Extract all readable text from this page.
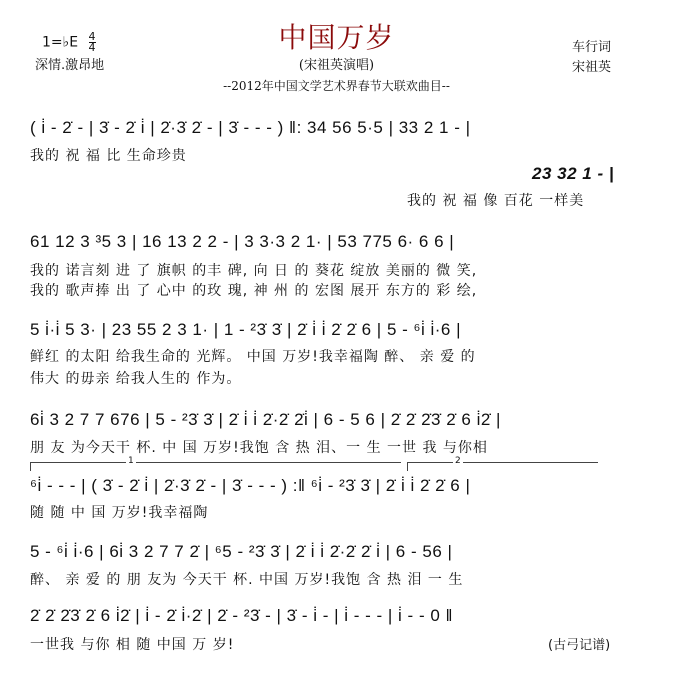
中国万岁
(宋祖英演唱)
--2012年中国文学艺术界春节大联欢曲目--
1=♭E $\frac{4}{4}$
深情.激昂地
车行词
宋祖英
( i̇ - 2̇ - | 3̇ - 2̇ i̇ | 2̇·3̇ 2̇ - | 3̇ - - - ) ‖: 34 56 5·5 | 33 2 1 - |
我的 祝 福 比 生命珍贵
23 32 1 - |
我的 祝 福 像 百花 一样美
61 12 3 ³5 3 | 16 13 2 2 - | 3 3·3 2 1· | 53 775 6· 6 6 |
我的 诺言刻 进 了 旗帜 的丰 碑, 向 日 的 葵花 绽放 美丽的 微 笑,
我的 歌声捧 出 了 心中 的玫 瑰, 神 州 的 宏图 展开 东方的 彩 绘,
5 i̇·i̇ 5 3· | 23 55 2 3 1· | 1 - ²3̇ 3̇ | 2̇ i̇ i̇ 2̇ 2̇ 6 | 5 - ⁶i̇ i̇·6 |
鲜红 的太阳 给我生命的 光辉。 中国 万岁!我幸福陶 醉、 亲 爱 的
伟大 的毋亲 给我人生的 作为。
6i̇ 3 2 7 7 676 | 5 - ²3̇ 3̇ | 2̇ i̇ i̇ 2̇·2̇ 2̇i̇ | 6 - 5 6 | 2̇ 2̇ 2̇3̇ 2̇ 6 i̇2̇ |
朋 友 为今天干 杯. 中 国 万岁!我饱 含 热 泪、一 生 一世 我 与你相
1	2
⁶i̇ - - - | ( 3̇ - 2̇ i̇ | 2̇·3̇ 2̇ - | 3̇ - - - ) :‖ ⁶i̇ - ²3̇ 3̇ | 2̇ i̇ i̇ 2̇ 2̇ 6 |
随 随 中 国 万岁!我幸福陶
5 - ⁶i̇ i̇·6 | 6i̇ 3 2 7 7 2̇ | ⁶5 - ²3̇ 3̇ | 2̇ i̇ i̇ 2̇·2̇ 2̇ i̇ | 6 - 56 |
醉、 亲 爱 的 朋 友为 今天干 杯. 中国 万岁!我饱 含 热 泪 一 生
2̇ 2̇ 2̇3̇ 2̇ 6 i̇2̇ | i̇ - 2̇ i̇·2̇ | 2̇ - ²3̇ - | 3̇ - i̇ - | i̇ - - - | i̇ - - 0 ‖
一世我 与你 相 随 中国 万 岁!	(古弓记谱)
